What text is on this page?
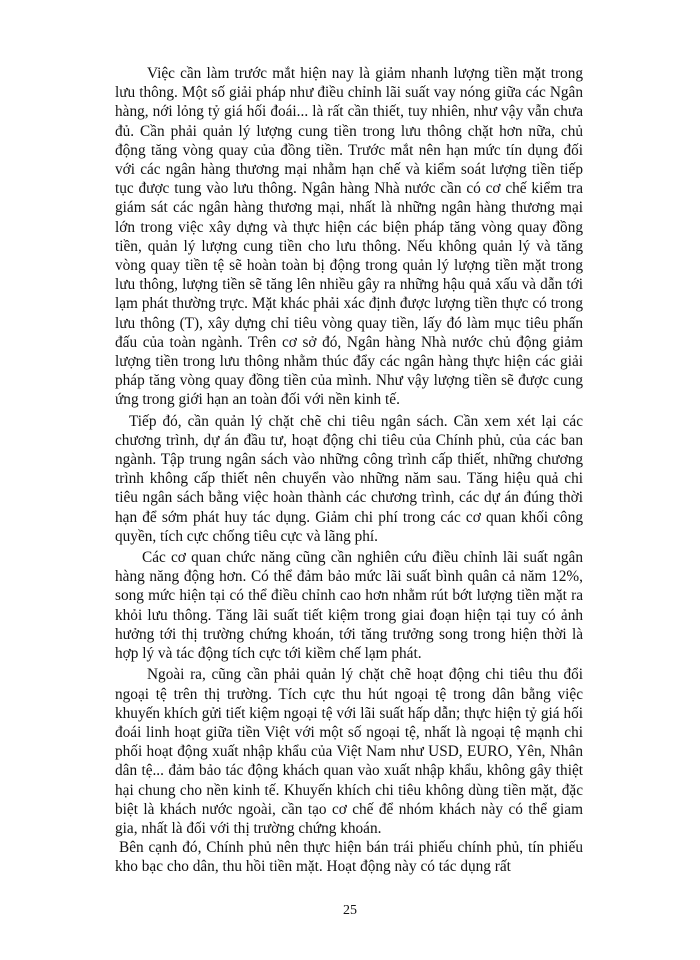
Việc cần làm trước mắt hiện nay là giảm nhanh lượng tiền mặt trong lưu thông. Một số giải pháp như điều chỉnh lãi suất vay nóng giữa các Ngân hàng, nới lỏng tỷ giá hối đoái... là rất cần thiết, tuy nhiên, như vậy vẫn chưa đủ. Cần phải quản lý lượng cung tiền trong lưu thông chặt hơn nữa, chủ động tăng vòng quay của đồng tiền. Trước mắt nên hạn mức tín dụng đối với các ngân hàng thương mại nhằm hạn chế và kiểm soát lượng tiền tiếp tục được tung vào lưu thông. Ngân hàng Nhà nước cần có cơ chế kiểm tra giám sát các ngân hàng thương mại, nhất là những ngân hàng thương mại lớn trong việc xây dựng và thực hiện các biện pháp tăng vòng quay đồng tiền, quản lý lượng cung tiền cho lưu thông. Nếu không quản lý và tăng vòng quay tiền tệ sẽ hoàn toàn bị động trong quản lý lượng tiền mặt trong lưu thông, lượng tiền sẽ tăng lên nhiều gây ra những hậu quả xấu và dẫn tới lạm phát thường trực. Mặt khác phải xác định được lượng tiền thực có trong lưu thông (T), xây dựng chỉ tiêu vòng quay tiền, lấy đó làm mục tiêu phấn đấu của toàn ngành. Trên cơ sở đó, Ngân hàng Nhà nước chủ động giảm lượng tiền trong lưu thông nhằm thúc đẩy các ngân hàng thực hiện các giải pháp tăng vòng quay đồng tiền của mình. Như vậy lượng tiền sẽ được cung ứng trong giới hạn an toàn đối với nền kinh tế.

Tiếp đó, cần quản lý chặt chẽ chi tiêu ngân sách. Cần xem xét lại các chương trình, dự án đầu tư, hoạt động chi tiêu của Chính phủ, của các ban ngành. Tập trung ngân sách vào những công trình cấp thiết, những chương trình không cấp thiết nên chuyển vào những năm sau. Tăng hiệu quả chi tiêu ngân sách bằng việc hoàn thành các chương trình, các dự án đúng thời hạn để sớm phát huy tác dụng. Giảm chi phí trong các cơ quan khối công quyền, tích cực chống tiêu cực và lãng phí.

Các cơ quan chức năng cũng cần nghiên cứu điều chỉnh lãi suất ngân hàng năng động hơn. Có thể đảm bảo mức lãi suất bình quân cả năm 12%, song mức hiện tại có thể điều chỉnh cao hơn nhằm rút bớt lượng tiền mặt ra khỏi lưu thông. Tăng lãi suất tiết kiệm trong giai đoạn hiện tại tuy có ảnh hưởng tới thị trường chứng khoán, tới tăng trưởng song trong hiện thời là hợp lý và tác động tích cực tới kiềm chế lạm phát.

Ngoài ra, cũng cần phải quản lý chặt chẽ hoạt động chi tiêu thu đổi ngoại tệ trên thị trường. Tích cực thu hút ngoại tệ trong dân bằng việc khuyến khích gửi tiết kiệm ngoại tệ với lãi suất hấp dẫn; thực hiện tỷ giá hối đoái linh hoạt giữa tiền Việt với một số ngoại tệ, nhất là ngoại tệ mạnh chi phối hoạt động xuất nhập khẩu của Việt Nam như USD, EURO, Yên, Nhân dân tệ... đảm bảo tác động khách quan vào xuất nhập khẩu, không gây thiệt hại chung cho nền kinh tế. Khuyến khích chi tiêu không dùng tiền mặt, đặc biệt là khách nước ngoài, cần tạo cơ chế để nhóm khách này có thể giam gia, nhất là đối với thị trường chứng khoán.

Bên cạnh đó, Chính phủ nên thực hiện bán trái phiếu chính phủ, tín phiếu kho bạc cho dân, thu hồi tiền mặt. Hoạt động này có tác dụng rất

25
